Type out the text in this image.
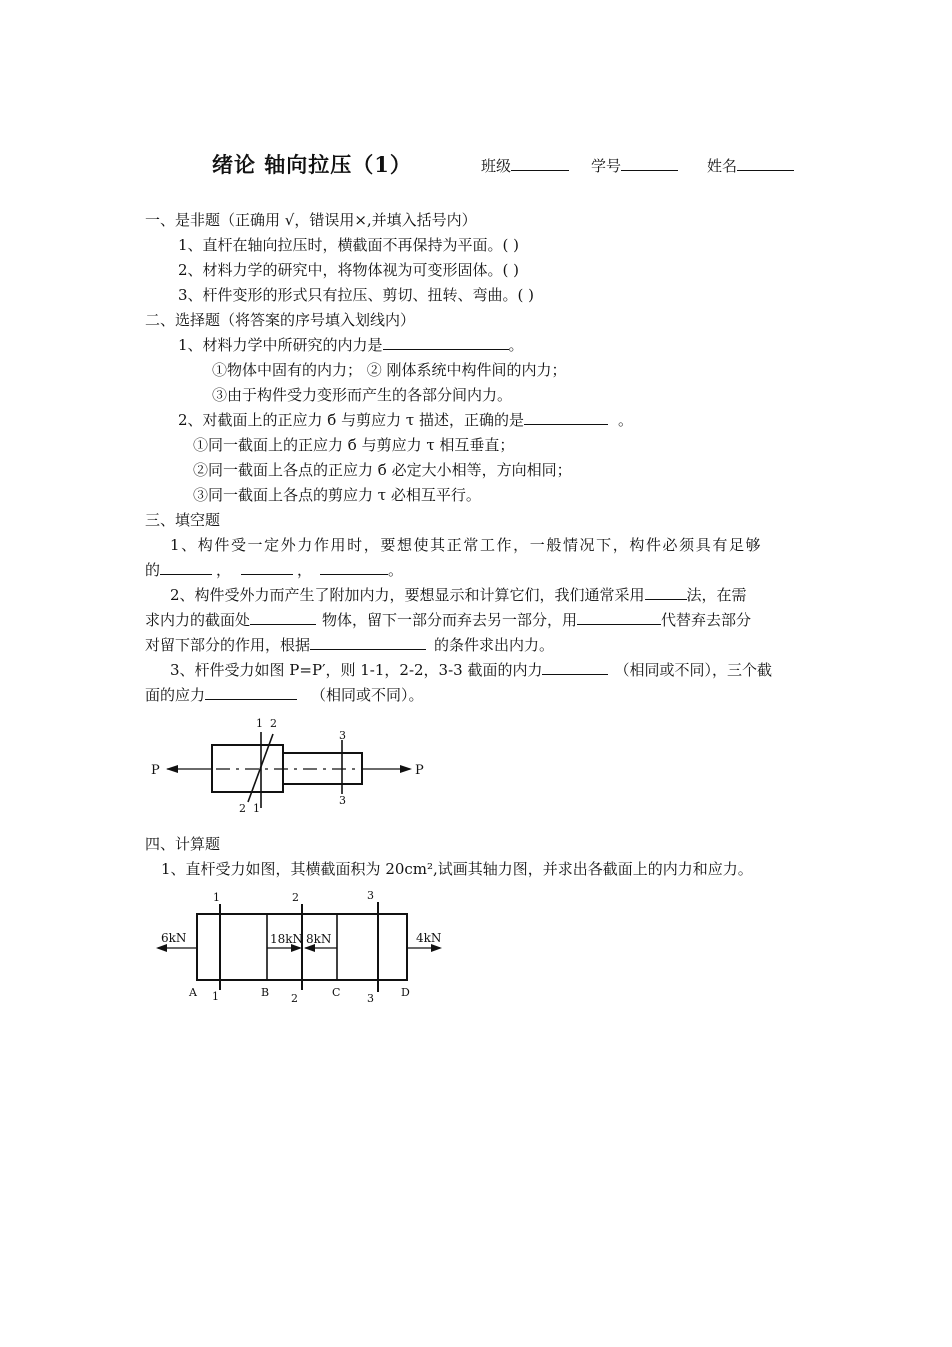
绪论 轴向拉压（1）	班级	学号	姓名
一、是非题（正确用 √，错误用×,并填入括号内）
1、直杆在轴向拉压时，横截面不再保持为平面。( )
2、材料力学的研究中，将物体视为可变形固体。( )
3、杆件变形的形式只有拉压、剪切、扭转、弯曲。( )
二、选择题（将答案的序号填入划线内）
1、材料力学中所研究的内力是	。
①物体中固有的内力； ② 刚体系统中构件间的内力；
③由于构件受力变形而产生的各部分间内力。
2、对截面上的正应力 б 与剪应力 τ 描述，正确的是	。
①同一截面上的正应力 б 与剪应力 τ 相互垂直；
②同一截面上各点的正应力 б 必定大小相等，方向相同；
③同一截面上各点的剪应力 τ 必相互平行。
三、填空题
1、构件受一定外力作用时，要想使其正常工作，一般情况下，构件必须具有足够
的	，	，	。
2、构件受外力而产生了附加内力，要想显示和计算它们，我们通常采用	法，在需
求内力的截面处	物体，留下一部分而弃去另一部分，用	代替弃去部分
对留下部分的作用，根据	的条件求出内力。
3、杆件受力如图 P=P′，则 1-1，2-2，3-3 截面的内力	（相同或不同），三个截
面的应力	（相同或不同）。
P	P
1  2
2  1
3
3
四、计算题
1、直杆受力如图，其横截面积为 20cm²,试画其轴力图，并求出各截面上的内力和应力。
6kN	18kN 8kN	4kN
1	2	3
1	2	3
A	B	C	D
